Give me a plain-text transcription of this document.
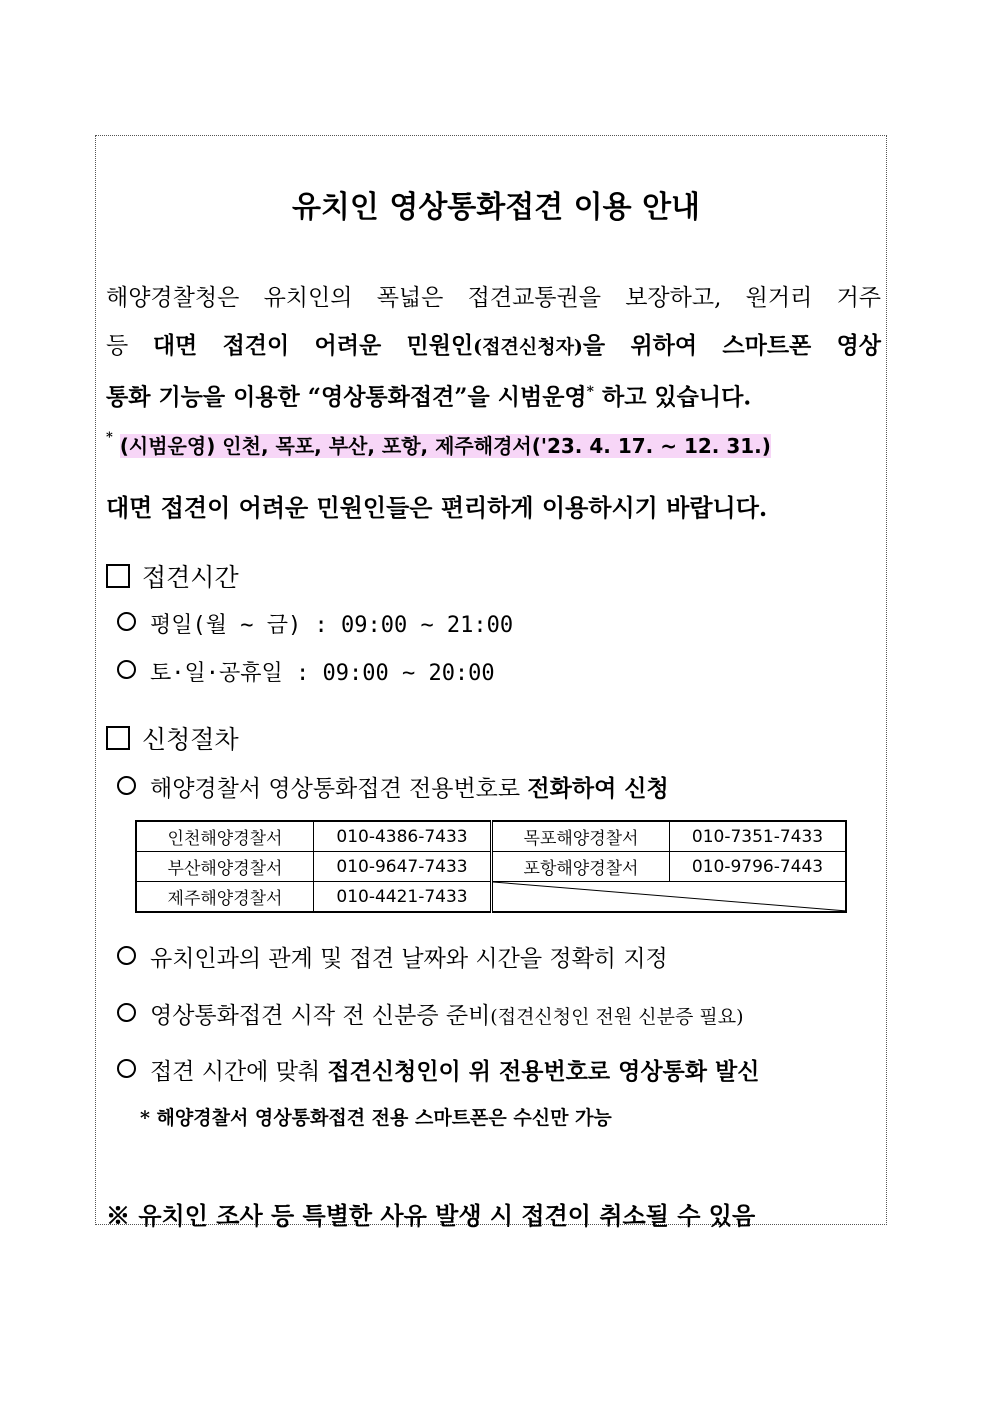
유치인 영상통화접견 이용 안내
해양경찰청은 유치인의 폭넓은 접견교통권을 보장하고, 원거리 거주
등 대면 접견이 어려운 민원인(접견신청자)을 위하여 스마트폰 영상
통화 기능을 이용한 “영상통화접견”을 시범운영* 하고 있습니다.
* (시범운영) 인천, 목포, 부산, 포항, 제주해경서('23. 4. 17. ~ 12. 31.)
대면 접견이 어려운 민원인들은 편리하게 이용하시기 바랍니다.
접견시간
평일(월 ~ 금) : 09:00 ~ 21:00
토·일·공휴일 : 09:00 ~ 20:00
신청절차
해양경찰서 영상통화접견 전용번호로 전화하여 신청
인천해양경찰서	010-4386-7433	목포해양경찰서	010-7351-7433
부산해양경찰서	010-9647-7433	포항해양경찰서	010-9796-7443
제주해양경찰서	010-4421-7433	
유치인과의 관계 및 접견 날짜와 시간을 정확히 지정
영상통화접견 시작 전 신분증 준비(접견신청인 전원 신분증 필요)
접견 시간에 맞춰 접견신청인이 위 전용번호로 영상통화 발신
* 해양경찰서 영상통화접견 전용 스마트폰은 수신만 가능
※ 유치인 조사 등 특별한 사유 발생 시 접견이 취소될 수 있음
